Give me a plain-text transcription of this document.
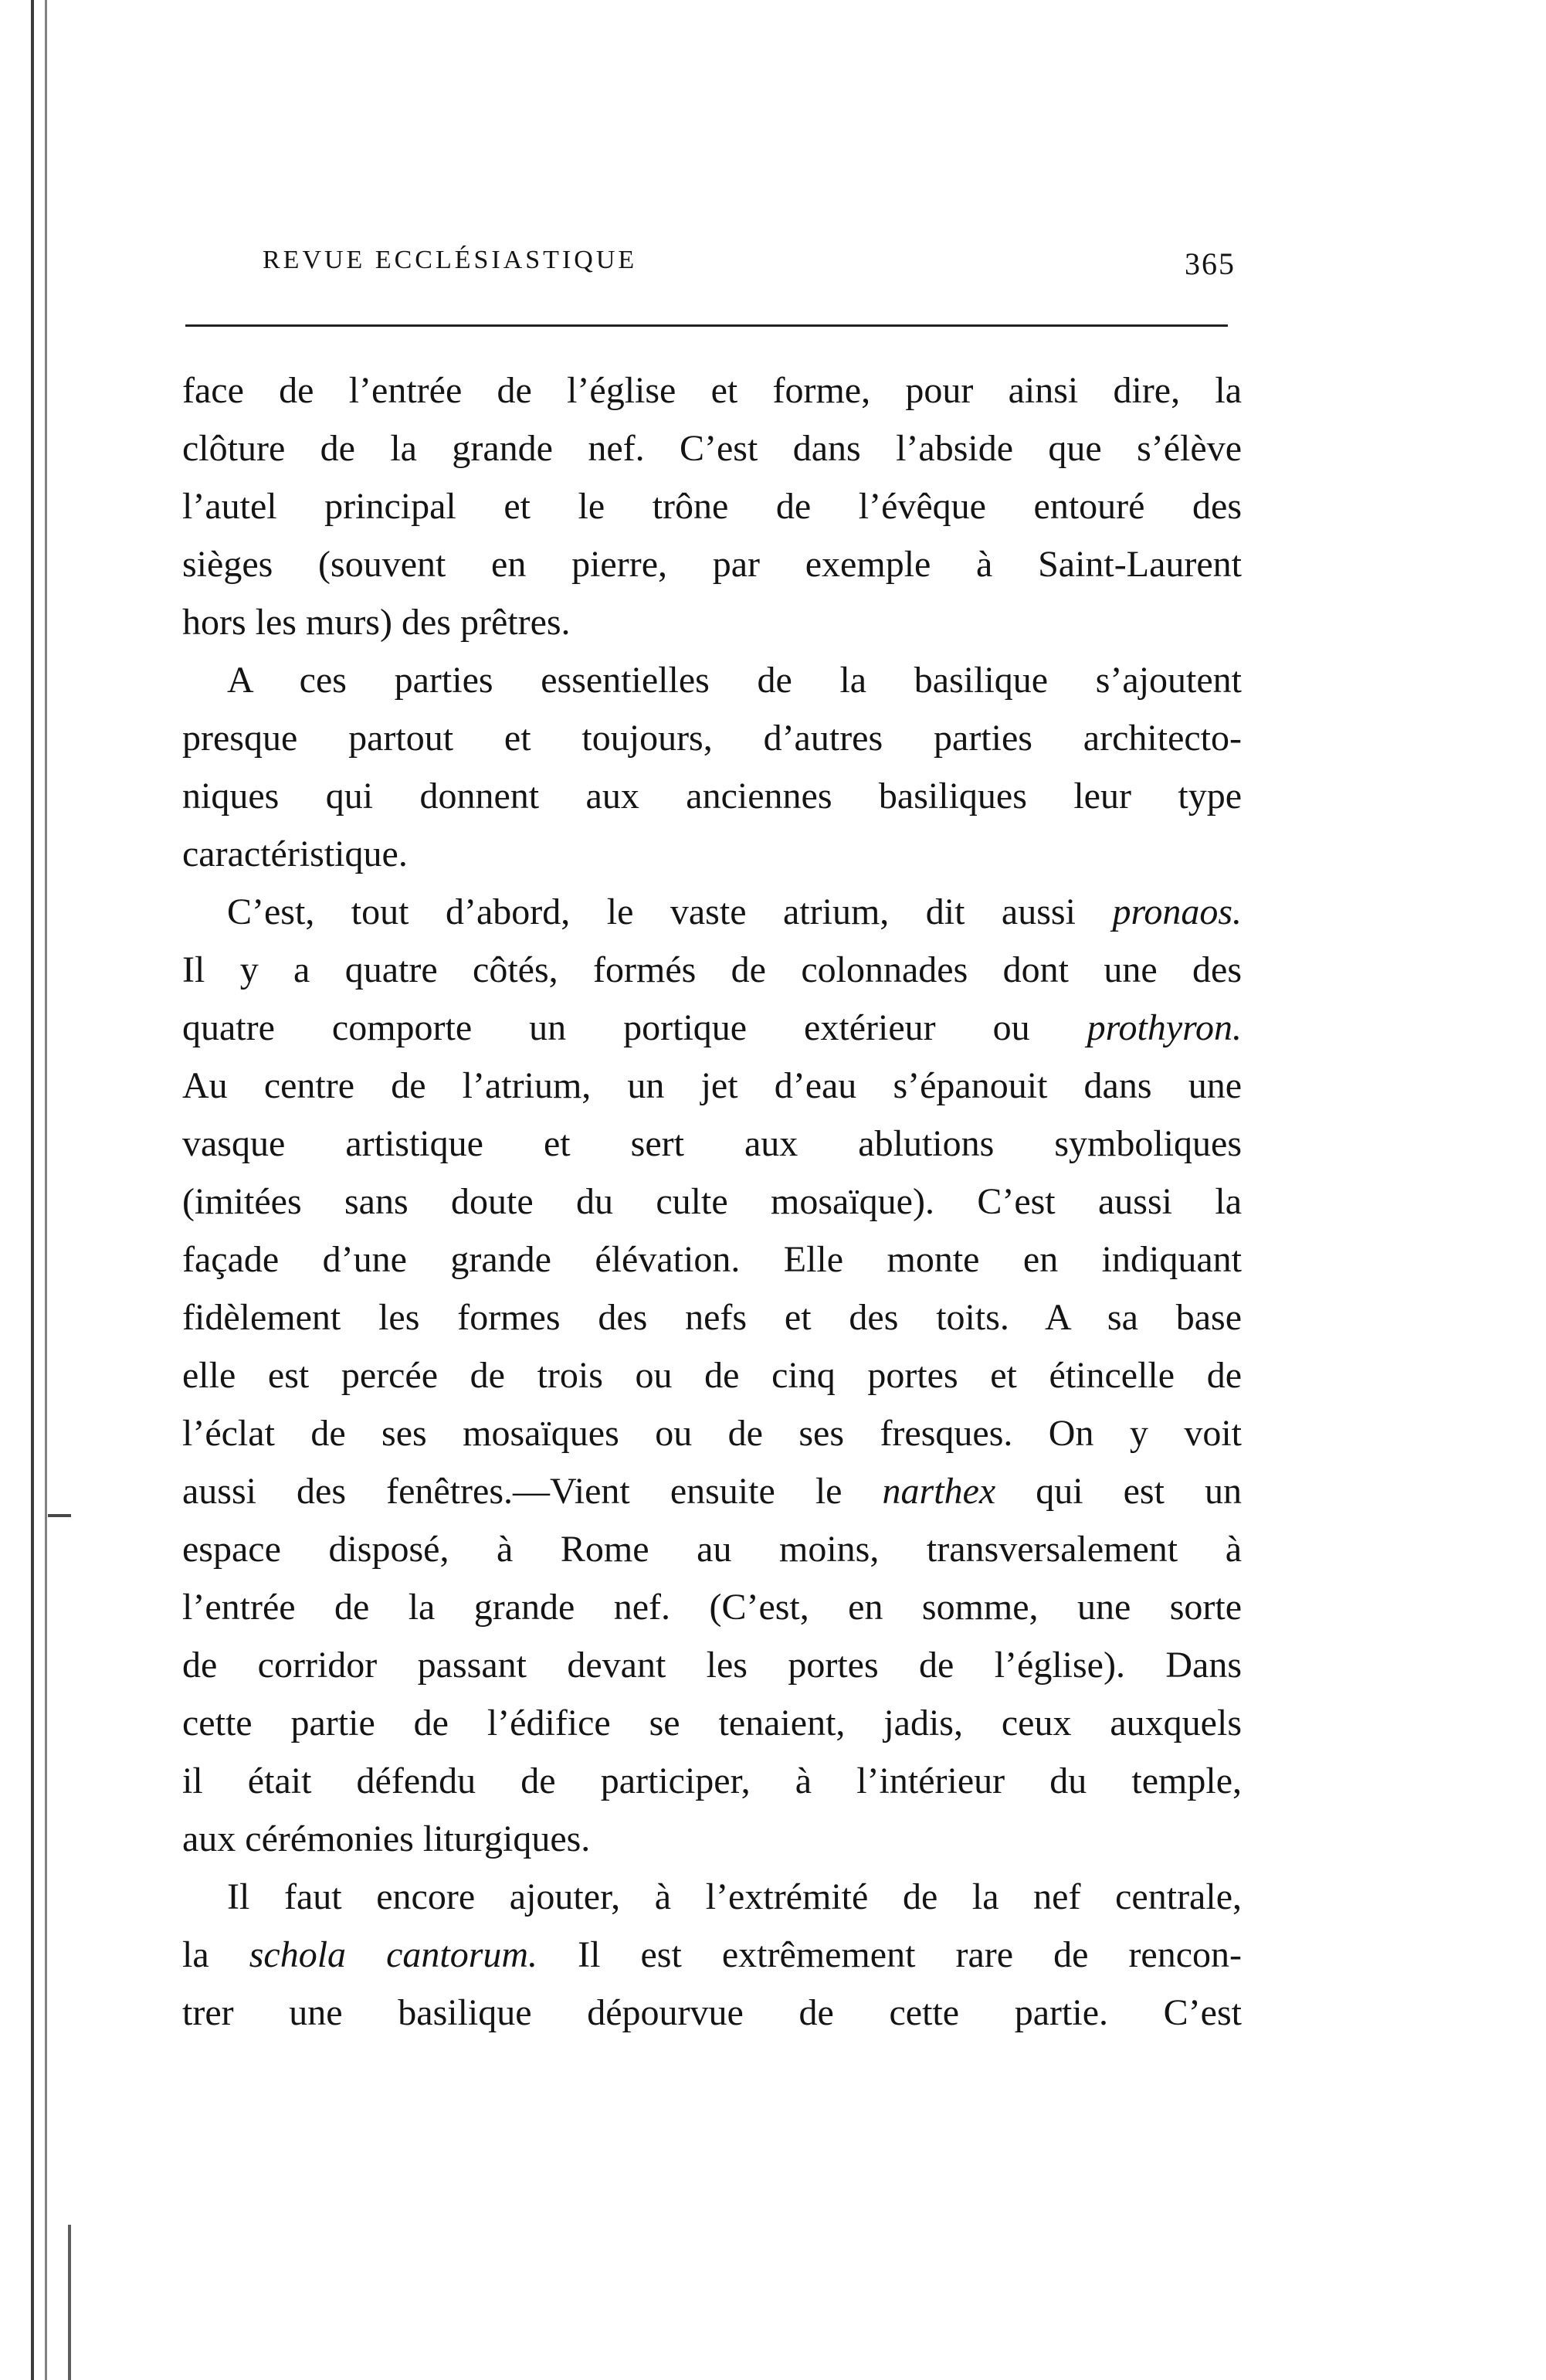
REVUE ECCLÉSIASTIQUE	365
face de l’entrée de l’église et forme, pour ainsi dire, la
clôture de la grande nef. C’est dans l’abside que s’élève
l’autel principal et le trône de l’évêque entouré des
sièges (souvent en pierre, par exemple à Saint-Laurent
hors les murs) des prêtres.
A ces parties essentielles de la basilique s’ajoutent
presque partout et toujours, d’autres parties architecto-
niques qui donnent aux anciennes basiliques leur type
caractéristique.
C’est, tout d’abord, le vaste atrium, dit aussi pronaos.
Il y a quatre côtés, formés de colonnades dont une des
quatre comporte un portique extérieur ou prothyron.
Au centre de l’atrium, un jet d’eau s’épanouit dans une
vasque artistique et sert aux ablutions symboliques
(imitées sans doute du culte mosaïque). C’est aussi la
façade d’une grande élévation. Elle monte en indiquant
fidèlement les formes des nefs et des toits. A sa base
elle est percée de trois ou de cinq portes et étincelle de
l’éclat de ses mosaïques ou de ses fresques. On y voit
aussi des fenêtres.—Vient ensuite le narthex qui est un
espace disposé, à Rome au moins, transversalement à
l’entrée de la grande nef. (C’est, en somme, une sorte
de corridor passant devant les portes de l’église). Dans
cette partie de l’édifice se tenaient, jadis, ceux auxquels
il était défendu de participer, à l’intérieur du temple,
aux cérémonies liturgiques.
Il faut encore ajouter, à l’extrémité de la nef centrale,
la schola cantorum. Il est extrêmement rare de rencon-
trer une basilique dépourvue de cette partie. C’est
